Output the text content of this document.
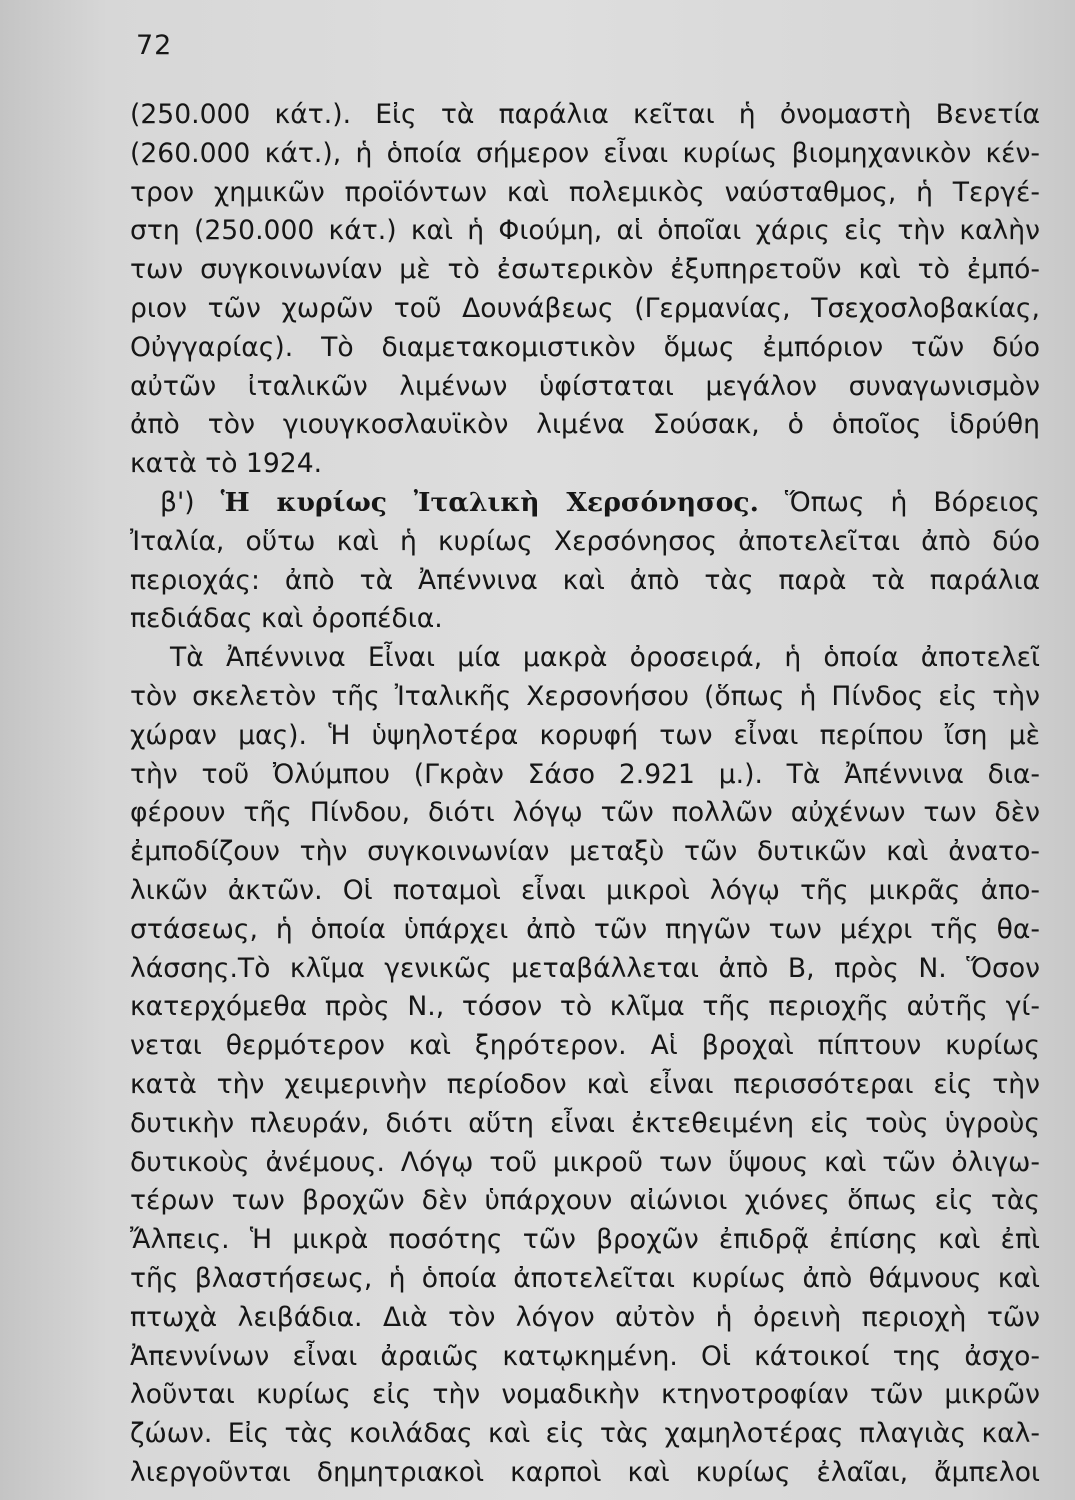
72
(250.000 κάτ.). Εἰς τὰ παράλια κεῖται ἡ ὀνομαστὴ Βενετία
(260.000 κάτ.), ἡ ὁποία σήμερον εἶναι κυρίως βιομηχανικὸν κέν-
τρον χημικῶν προϊόντων καὶ πολεμικὸς ναύσταθμος, ἡ Τεργέ-
στη (250.000 κάτ.) καὶ ἡ Φιούμη, αἱ ὁποῖαι χάρις εἰς τὴν καλὴν
των συγκοινωνίαν μὲ τὸ ἐσωτερικὸν ἐξυπηρετοῦν καὶ τὸ ἐμπό-
ριον τῶν χωρῶν τοῦ Δουνάβεως (Γερμανίας, Τσεχοσλοβακίας,
Οὐγγαρίας). Τὸ διαμετακομιστικὸν ὅμως ἐμπόριον τῶν δύο
αὐτῶν ἰταλικῶν λιμένων ὑφίσταται μεγάλον συναγωνισμὸν
ἀπὸ τὸν γιουγκοσλαυϊκὸν λιμένα Σούσακ, ὁ ὁποῖος ἱδρύθη
κατὰ τὸ 1924.
β') Ἡ κυρίως Ἰταλικὴ Χερσόνησος. Ὅπως ἡ Βόρειος
Ἰταλία, οὕτω καὶ ἡ κυρίως Χερσόνησος ἀποτελεῖται ἀπὸ δύο
περιοχάς: ἀπὸ τὰ Ἀπέννινα καὶ ἀπὸ τὰς παρὰ τὰ παράλια
πεδιάδας καὶ ὀροπέδια.
Τὰ Ἀπέννινα Εἶναι μία μακρὰ ὀροσειρά, ἡ ὁποία ἀποτελεῖ
τὸν σκελετὸν τῆς Ἰταλικῆς Χερσονήσου (ὅπως ἡ Πίνδος εἰς τὴν
χώραν μας). Ἡ ὑψηλοτέρα κορυφή των εἶναι περίπου ἴση μὲ
τὴν τοῦ Ὀλύμπου (Γκρὰν Σάσο 2.921 μ.). Τὰ Ἀπέννινα δια-
φέρουν τῆς Πίνδου, διότι λόγῳ τῶν πολλῶν αὐχένων των δὲν
ἐμποδίζουν τὴν συγκοινωνίαν μεταξὺ τῶν δυτικῶν καὶ ἀνατο-
λικῶν ἀκτῶν. Οἱ ποταμοὶ εἶναι μικροὶ λόγῳ τῆς μικρᾶς ἀπο-
στάσεως, ἡ ὁποία ὑπάρχει ἀπὸ τῶν πηγῶν των μέχρι τῆς θα-
λάσσης.Τὸ κλῖμα γενικῶς μεταβάλλεται ἀπὸ Β, πρὸς Ν. Ὅσον
κατερχόμεθα πρὸς Ν., τόσον τὸ κλῖμα τῆς περιοχῆς αὐτῆς γί-
νεται θερμότερον καὶ ξηρότερον. Αἱ βροχαὶ πίπτουν κυρίως
κατὰ τὴν χειμερινὴν περίοδον καὶ εἶναι περισσότεραι εἰς τὴν
δυτικὴν πλευράν, διότι αὕτη εἶναι ἐκτεθειμένη εἰς τοὺς ὑγροὺς
δυτικοὺς ἀνέμους. Λόγῳ τοῦ μικροῦ των ὕψους καὶ τῶν ὀλιγω-
τέρων των βροχῶν δὲν ὑπάρχουν αἰώνιοι χιόνες ὅπως εἰς τὰς
Ἄλπεις. Ἡ μικρὰ ποσότης τῶν βροχῶν ἐπιδρᾷ ἐπίσης καὶ ἐπὶ
τῆς βλαστήσεως, ἡ ὁποία ἀποτελεῖται κυρίως ἀπὸ θάμνους καὶ
πτωχὰ λειβάδια. Διὰ τὸν λόγον αὐτὸν ἡ ὀρεινὴ περιοχὴ τῶν
Ἀπεννίνων εἶναι ἀραιῶς κατῳκημένη. Οἱ κάτοικοί της ἀσχο-
λοῦνται κυρίως εἰς τὴν νομαδικὴν κτηνοτροφίαν τῶν μικρῶν
ζώων. Εἰς τὰς κοιλάδας καὶ εἰς τὰς χαμηλοτέρας πλαγιὰς καλ-
λιεργοῦνται δημητριακοὶ καρποὶ καὶ κυρίως ἐλαῖαι, ἄμπελοι
